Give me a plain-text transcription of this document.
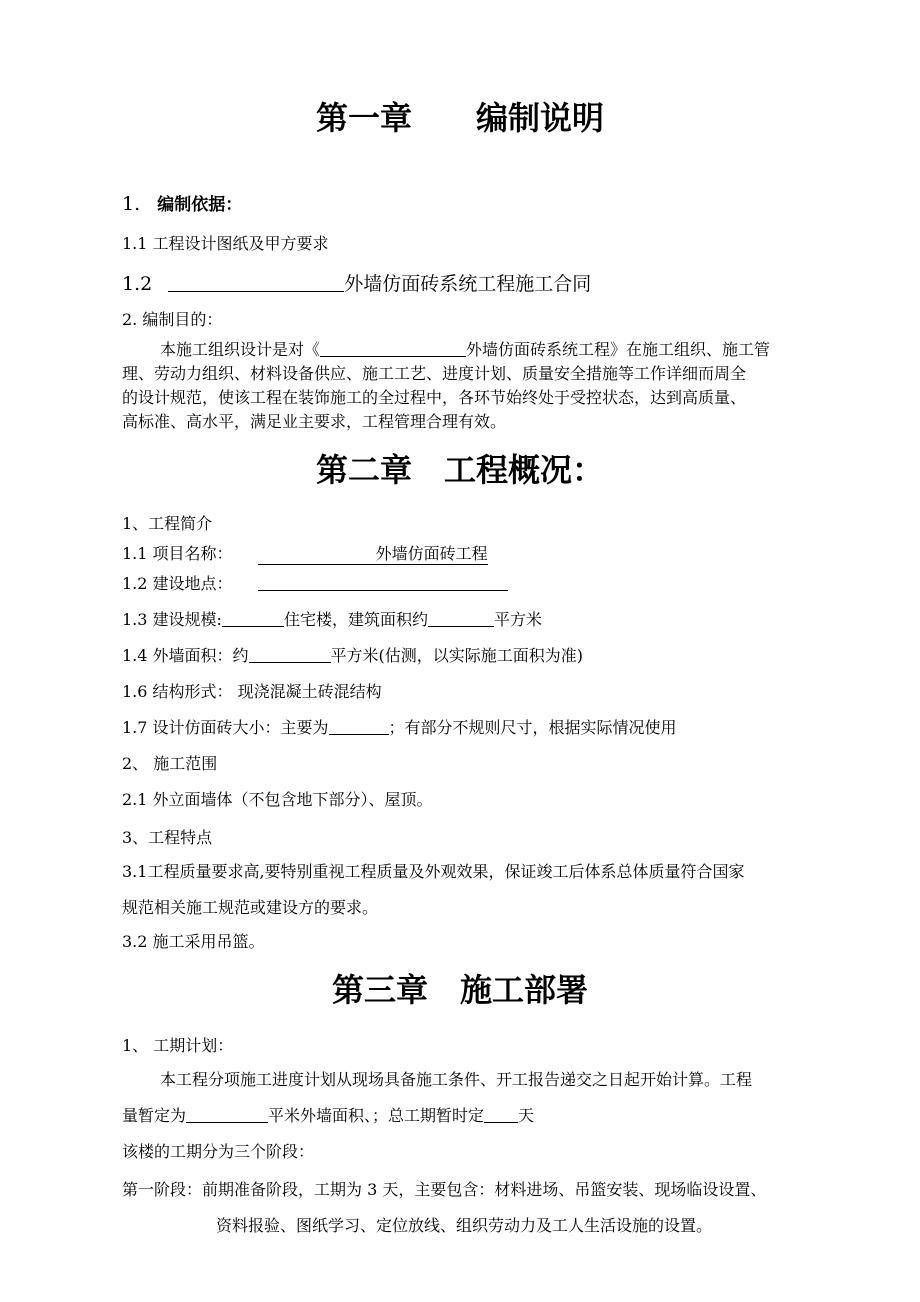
第一章　　编制说明
1. 编制依据：
1.1 工程设计图纸及甲方要求
1.2	外墙仿面砖系统工程施工合同
2. 编制目的：
本施工组织设计是对《	外墙仿面砖系统工程》在施工组织、施工管
理、劳动力组织、材料设备供应、施工工艺、进度计划、质量安全措施等工作详细而周全
的设计规范，使该工程在装饰施工的全过程中，各环节始终处于受控状态，达到高质量、
高标准、高水平，满足业主要求，工程管理合理有效。
第二章　工程概况：
1、工程简介
1.1 项目名称：	外墙仿面砖工程
1.2 建设地点：
1.3 建设规模:	住宅楼，建筑面积约	平方米
1.4 外墙面积：约	平方米(估测，以实际施工面积为准)
1.6 结构形式： 现浇混凝土砖混结构
1.7 设计仿面砖大小：主要为	；有部分不规则尺寸，根据实际情况使用
2、 施工范围
2.1 外立面墙体（不包含地下部分）、屋顶。
3、工程特点
3.1工程质量要求高,要特别重视工程质量及外观效果，保证竣工后体系总体质量符合国家
规范相关施工规范或建设方的要求。
3.2 施工采用吊篮。
第三章　施工部署
1、 工期计划：
本工程分项施工进度计划从现场具备施工条件、开工报告递交之日起开始计算。工程
量暂定为	平米外墙面积、；总工期暂时定 天
该楼的工期分为三个阶段：
第一阶段：前期准备阶段，工期为 3 天，主要包含：材料进场、吊篮安装、现场临设设置、
资料报验、图纸学习、定位放线、组织劳动力及工人生活设施的设置。
